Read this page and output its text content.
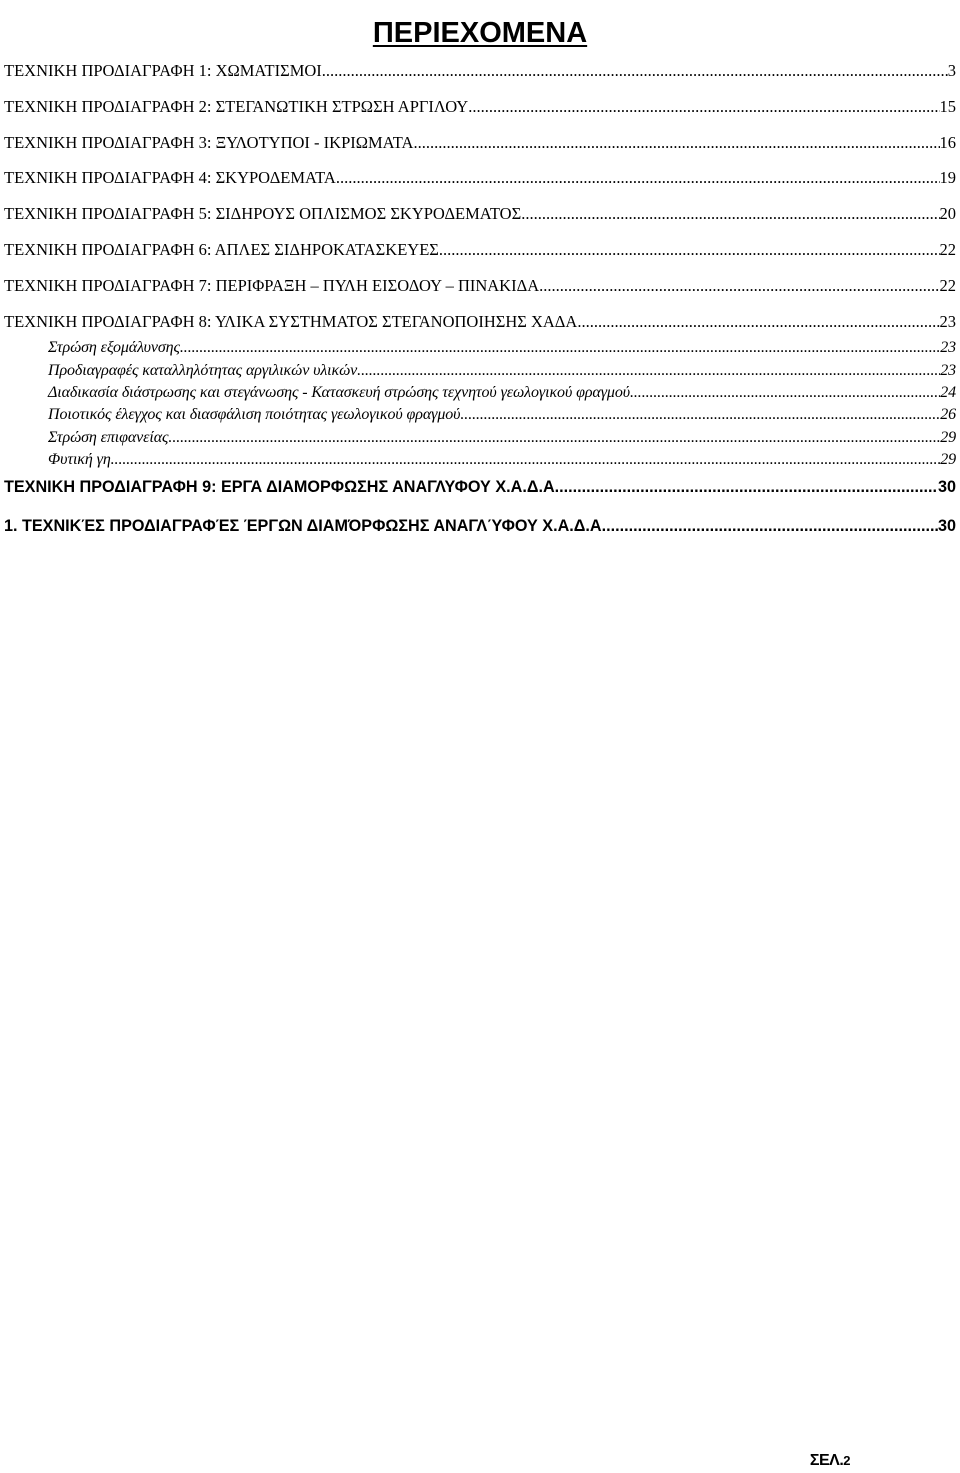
ΠΕΡΙΕΧΟΜΕΝΑ
ΤΕΧΝΙΚΗ ΠΡΟΔΙΑΓΡΑΦΗ 1: ΧΩΜΑΤΙΣΜΟΙ .....	3
ΤΕΧΝΙΚΗ ΠΡΟΔΙΑΓΡΑΦΗ 2: ΣΤΕΓΑΝΩΤΙΚΗ ΣΤΡΩΣΗ ΑΡΓΙΛΟΥ .....	15
ΤΕΧΝΙΚΗ ΠΡΟΔΙΑΓΡΑΦΗ 3: ΞΥΛΟΤΥΠΟΙ - ΙΚΡΙΩΜΑΤΑ .....	16
ΤΕΧΝΙΚΗ ΠΡΟΔΙΑΓΡΑΦΗ 4: ΣΚΥΡΟΔΕΜΑΤΑ .....	19
ΤΕΧΝΙΚΗ ΠΡΟΔΙΑΓΡΑΦΗ 5: ΣΙΔΗΡΟΥΣ ΟΠΛΙΣΜΟΣ ΣΚΥΡΟΔΕΜΑΤΟΣ .....	20
ΤΕΧΝΙΚΗ ΠΡΟΔΙΑΓΡΑΦΗ 6: ΑΠΛΕΣ ΣΙΔΗΡΟΚΑΤΑΣΚΕΥΕΣ .....	22
ΤΕΧΝΙΚΗ ΠΡΟΔΙΑΓΡΑΦΗ 7: ΠΕΡΙΦΡΑΞΗ – ΠΥΛΗ ΕΙΣΟΔΟΥ – ΠΙΝΑΚΙΔΑ .....	22
ΤΕΧΝΙΚΗ ΠΡΟΔΙΑΓΡΑΦΗ 8: ΥΛΙΚΑ ΣΥΣΤΗΜΑΤΟΣ ΣΤΕΓΑΝΟΠΟΙΗΣΗΣ ΧΑΔΑ .....	23
Στρώση εξομάλυνσης .....	23
Προδιαγραφές καταλληλότητας αργιλικών υλικών .....	23
Διαδικασία διάστρωσης και στεγάνωσης - Κατασκευή στρώσης τεχνητού γεωλογικού φραγμού .....	24
Ποιοτικός έλεγχος και διασφάλιση ποιότητας γεωλογικού φραγμού .....	26
Στρώση επιφανείας .....	29
Φυτική γη .....	29
ΤΕΧΝΙΚΗ ΠΡΟΔΙΑΓΡΑΦΗ 9: ΕΡΓΑ ΔΙΑΜΟΡΦΩΣΗΣ ΑΝΑΓΛΥΦΟΥ Χ.Α.Δ.Α. .....	30
1. ΤΕΧΝΙΚΈΣ ΠΡΟΔΙΑΓΡΑΦΈΣ ΈΡΓΩΝ ΔΙΑΜΌΡΦΩΣΗΣ ΑΝΑΓΛΎΦΟΥ Χ.Α.Δ.Α. .....	30
ΣΕΛ.2
